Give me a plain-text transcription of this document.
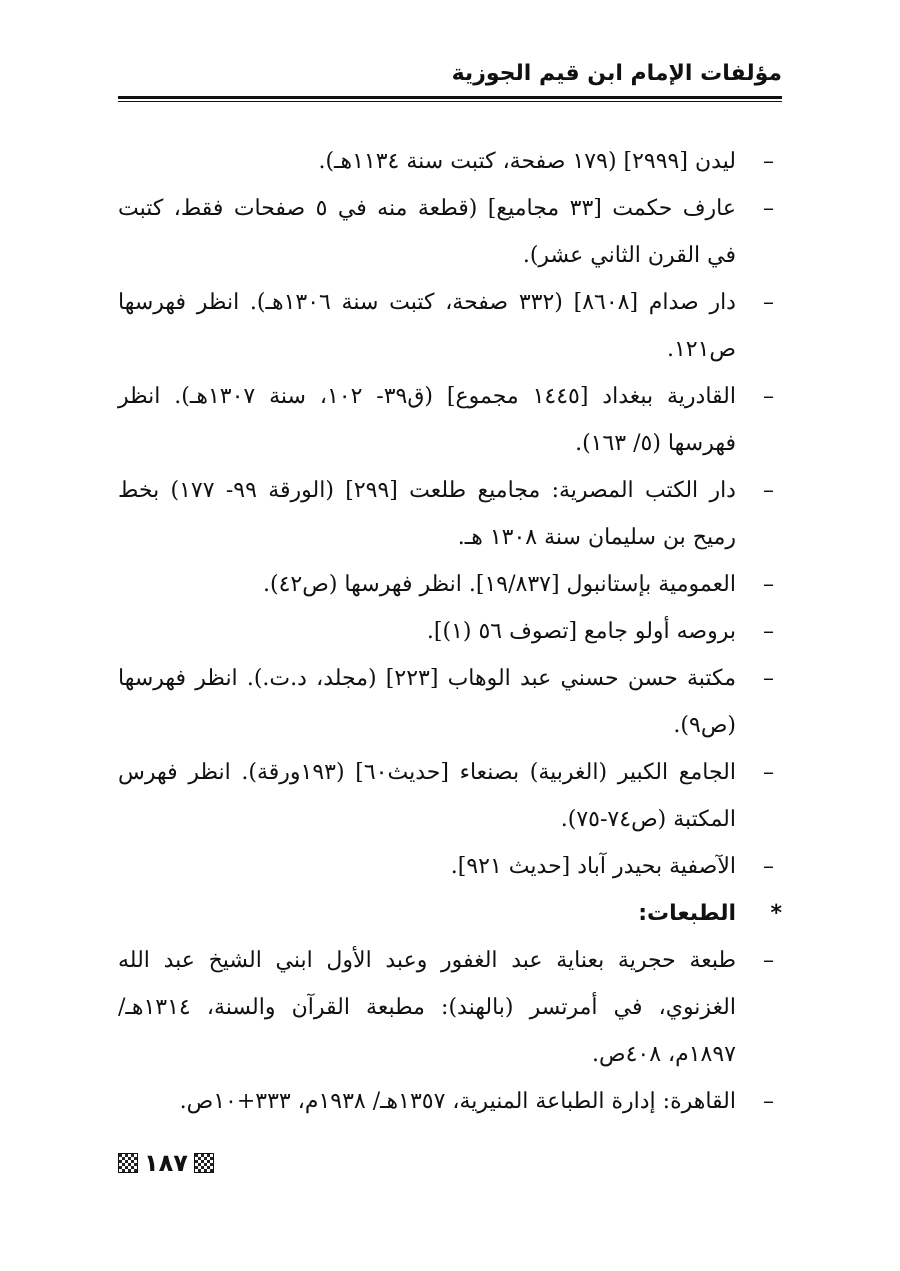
مؤلفات الإمام ابن قيم الجوزية
–
ليدن [٢٩٩٩] (١٧٩ صفحة، كتبت سنة ١١٣٤هـ).
–
عارف حكمت [٣٣ مجاميع] (قطعة منه في ٥ صفحات فقط، كتبت في القرن الثاني عشر).
–
دار صدام [٨٦٠٨] (٣٣٢ صفحة، كتبت سنة ١٣٠٦هـ). انظر فهرسها ص١٢١.
–
القادرية ببغداد [١٤٤٥ مجموع] (ق٣٩- ١٠٢، سنة ١٣٠٧هـ). انظر فهرسها (٥/ ١٦٣).
–
دار الكتب المصرية: مجاميع طلعت [٢٩٩] (الورقة ٩٩- ١٧٧) بخط رميح بن سليمان سنة ١٣٠٨ هـ.
–
العمومية بإستانبول [١٩/٨٣٧]. انظر فهرسها (ص٤٢).
–
بروصه أولو جامع [تصوف ٥٦ (١)].
–
مكتبة حسن حسني عبد الوهاب [٢٢٣] (مجلد، د.ت.). انظر فهرسها (ص٩).
–
الجامع الكبير (الغربية) بصنعاء [حديث٦٠] (١٩٣ورقة). انظر فهرس المكتبة (ص٧٤-٧٥).
–
الآصفية بحيدر آباد [حديث ٩٢١].
*
الطبعات:
–
طبعة حجرية بعناية عبد الغفور وعبد الأول ابني الشيخ عبد الله الغزنوي، في أمرتسر (بالهند): مطبعة القرآن والسنة، ١٣١٤هـ/ ١٨٩٧م، ٤٠٨ص.
–
القاهرة: إدارة الطباعة المنيرية، ١٣٥٧هـ/ ١٩٣٨م، ٣٣٣+١٠ص.
١٨٧
